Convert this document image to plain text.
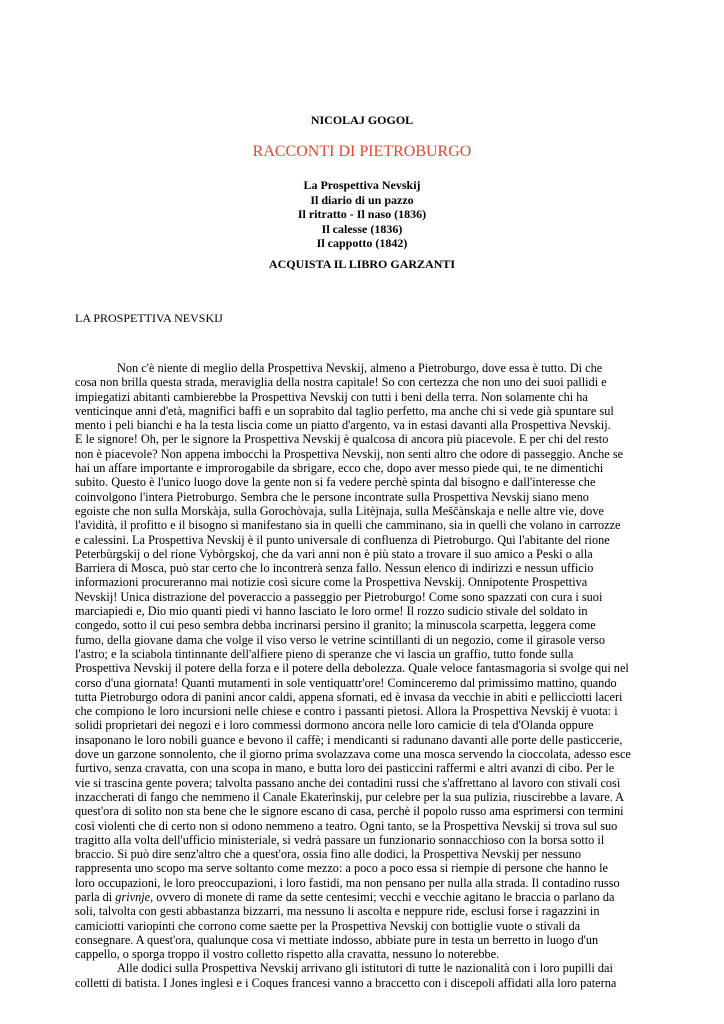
NICOLAJ GOGOL
RACCONTI DI PIETROBURGO
La Prospettiva Nevskij
Il diario di un pazzo
Il ritratto - Il naso (1836)
Il calesse (1836)
Il cappotto (1842)
ACQUISTA IL LIBRO GARZANTI
LA PROSPETTIVA NEVSKIJ
Non c'è niente di meglio della Prospettiva Nevskij, almeno a Pietroburgo, dove essa è tutto. Di che
cosa non brilla questa strada, meraviglia della nostra capitale! So con certezza che non uno dei suoi pallidi e
impiegatizi abitanti cambierebbe la Prospettiva Nevskij con tutti i beni della terra. Non solamente chi ha
venticinque anni d'età, magnifici baffi e un soprabito dal taglio perfetto, ma anche chi si vede già spuntare sul
mento i peli bianchi e ha la testa liscia come un piatto d'argento, va in estasi davanti alla Prospettiva Nevskij.
E le signore! Oh, per le signore la Prospettiva Nevskij è qualcosa di ancora più piacevole. E per chi del resto
non è piacevole? Non appena imbocchi la Prospettiva Nevskij, non senti altro che odore di passeggio. Anche se
hai un affare importante e improrogabile da sbrigare, ecco che, dopo aver messo piede qui, te ne dimentichi
subito. Questo è l'unico luogo dove la gente non si fa vedere perchè spinta dal bisogno e dall'interesse che
coinvolgono l'intera Pietroburgo. Sembra che le persone incontrate sulla Prospettiva Nevskij siano meno
egoiste che non sulla Morskàja, sulla Gorochòvaja, sulla Litèjnaja, sulla Meščànskaja e nelle altre vie, dove
l'avidità, il profitto e il bisogno si manifestano sia in quelli che camminano, sia in quelli che volano in carrozze
e calessini. La Prospettiva Nevskij è il punto universale di confluenza di Pietroburgo. Qui l'abitante del rione
Peterbùrgskij o del rione Vybòrgskoj, che da vari anni non è più stato a trovare il suo amico a Peski o alla
Barriera di Mosca, può star certo che lo incontrerà senza fallo. Nessun elenco di indirizzi e nessun ufficio
informazioni procureranno mai notizie così sicure come la Prospettiva Nevskij. Onnipotente Prospettiva
Nevskij! Unica distrazione del poveraccio a passeggio per Pietroburgo! Come sono spazzati con cura i suoi
marciapiedi e, Dio mio quanti piedi vi hanno lasciato le loro orme! Il rozzo sudicio stivale del soldato in
congedo, sotto il cui peso sembra debba incrinarsi persino il granito; la minuscola scarpetta, leggera come
fumo, della giovane dama che volge il viso verso le vetrine scintillanti di un negozio, come il girasole verso
l'astro; e la sciabola tintinnante dell'alfiere pieno di speranze che vi lascia un graffio, tutto fonde sulla
Prospettiva Nevskij il potere della forza e il potere della debolezza. Quale veloce fantasmagoria si svolge qui nel
corso d'una giornata! Quanti mutamenti in sole ventiquattr'ore! Cominceremo dal primissimo mattino, quando
tutta Pietroburgo odora di panini ancor caldi, appena sfornati, ed è invasa da vecchie in abiti e pelliccìotti laceri
che compiono le loro incursioni nelle chiese e contro i passanti pietosi. Allora la Prospettiva Nevskij è vuota: i
solidi proprietari dei negozi e i loro commessi dormono ancora nelle loro camicie di tela d'Olanda oppure
insaponano le loro nobili guance e bevono il caffè; i mendicanti si radunano davanti alle porte delle pasticcerie,
dove un garzone sonnolento, che il giorno prima svolazzava come una mosca servendo la cioccolata, adesso esce
furtivo, senza cravatta, con una scopa in mano, e butta loro dei pasticcini raffermi e altri avanzi di cibo. Per le
vie si trascina gente povera; talvolta passano anche dei contadini russi che s'affrettano al lavoro con stivali così
inzaccherati di fango che nemmeno il Canale Ekaterìnskij, pur celebre per la sua pulizia, riuscirebbe a lavare. A
quest'ora di solito non sta bene che le signore escano di casa, perchè il popolo russo ama esprimersi con termini
così violenti che di certo non si odono nemmeno a teatro. Ogni tanto, se la Prospettiva Nevskij si trova sul suo
tragitto alla volta dell'ufficio ministeriale, si vedrà passare un funzionario sonnacchioso con la borsa sotto il
braccio. Si può dire senz'altro che a quest'ora, ossia fino alle dodici, la Prospettiva Nevskij per nessuno
rappresenta uno scopo ma serve soltanto come mezzo: a poco a poco essa si riempie di persone che hanno le
loro occupazioni, le loro preoccupazioni, i loro fastidi, ma non pensano per nulla alla strada. Il contadino russo
parla di grivnje, ovvero di monete di rame da sette centesimi; vecchi e vecchie agitano le braccia o parlano da
soli, talvolta con gesti abbastanza bizzarri, ma nessuno li ascolta e neppure ride, esclusi forse i ragazzini in
camiciotti variopinti che corrono come saette per la Prospettiva Nevskij con bottiglie vuote o stivali da
consegnare. A quest'ora, qualunque cosa vi mettiate indosso, abbiate pure in testa un berretto in luogo d'un
cappello, o sporga troppo il vostro colletto rispetto alla cravatta, nessuno lo noterebbe.
Alle dodici sulla Prospettiva Nevskij arrivano gli istitutori di tutte le nazionalità con i loro pupilli dai
colletti di batista. I Jones inglesi e i Coques francesi vanno a braccetto con i discepoli affidati alla loro paterna
